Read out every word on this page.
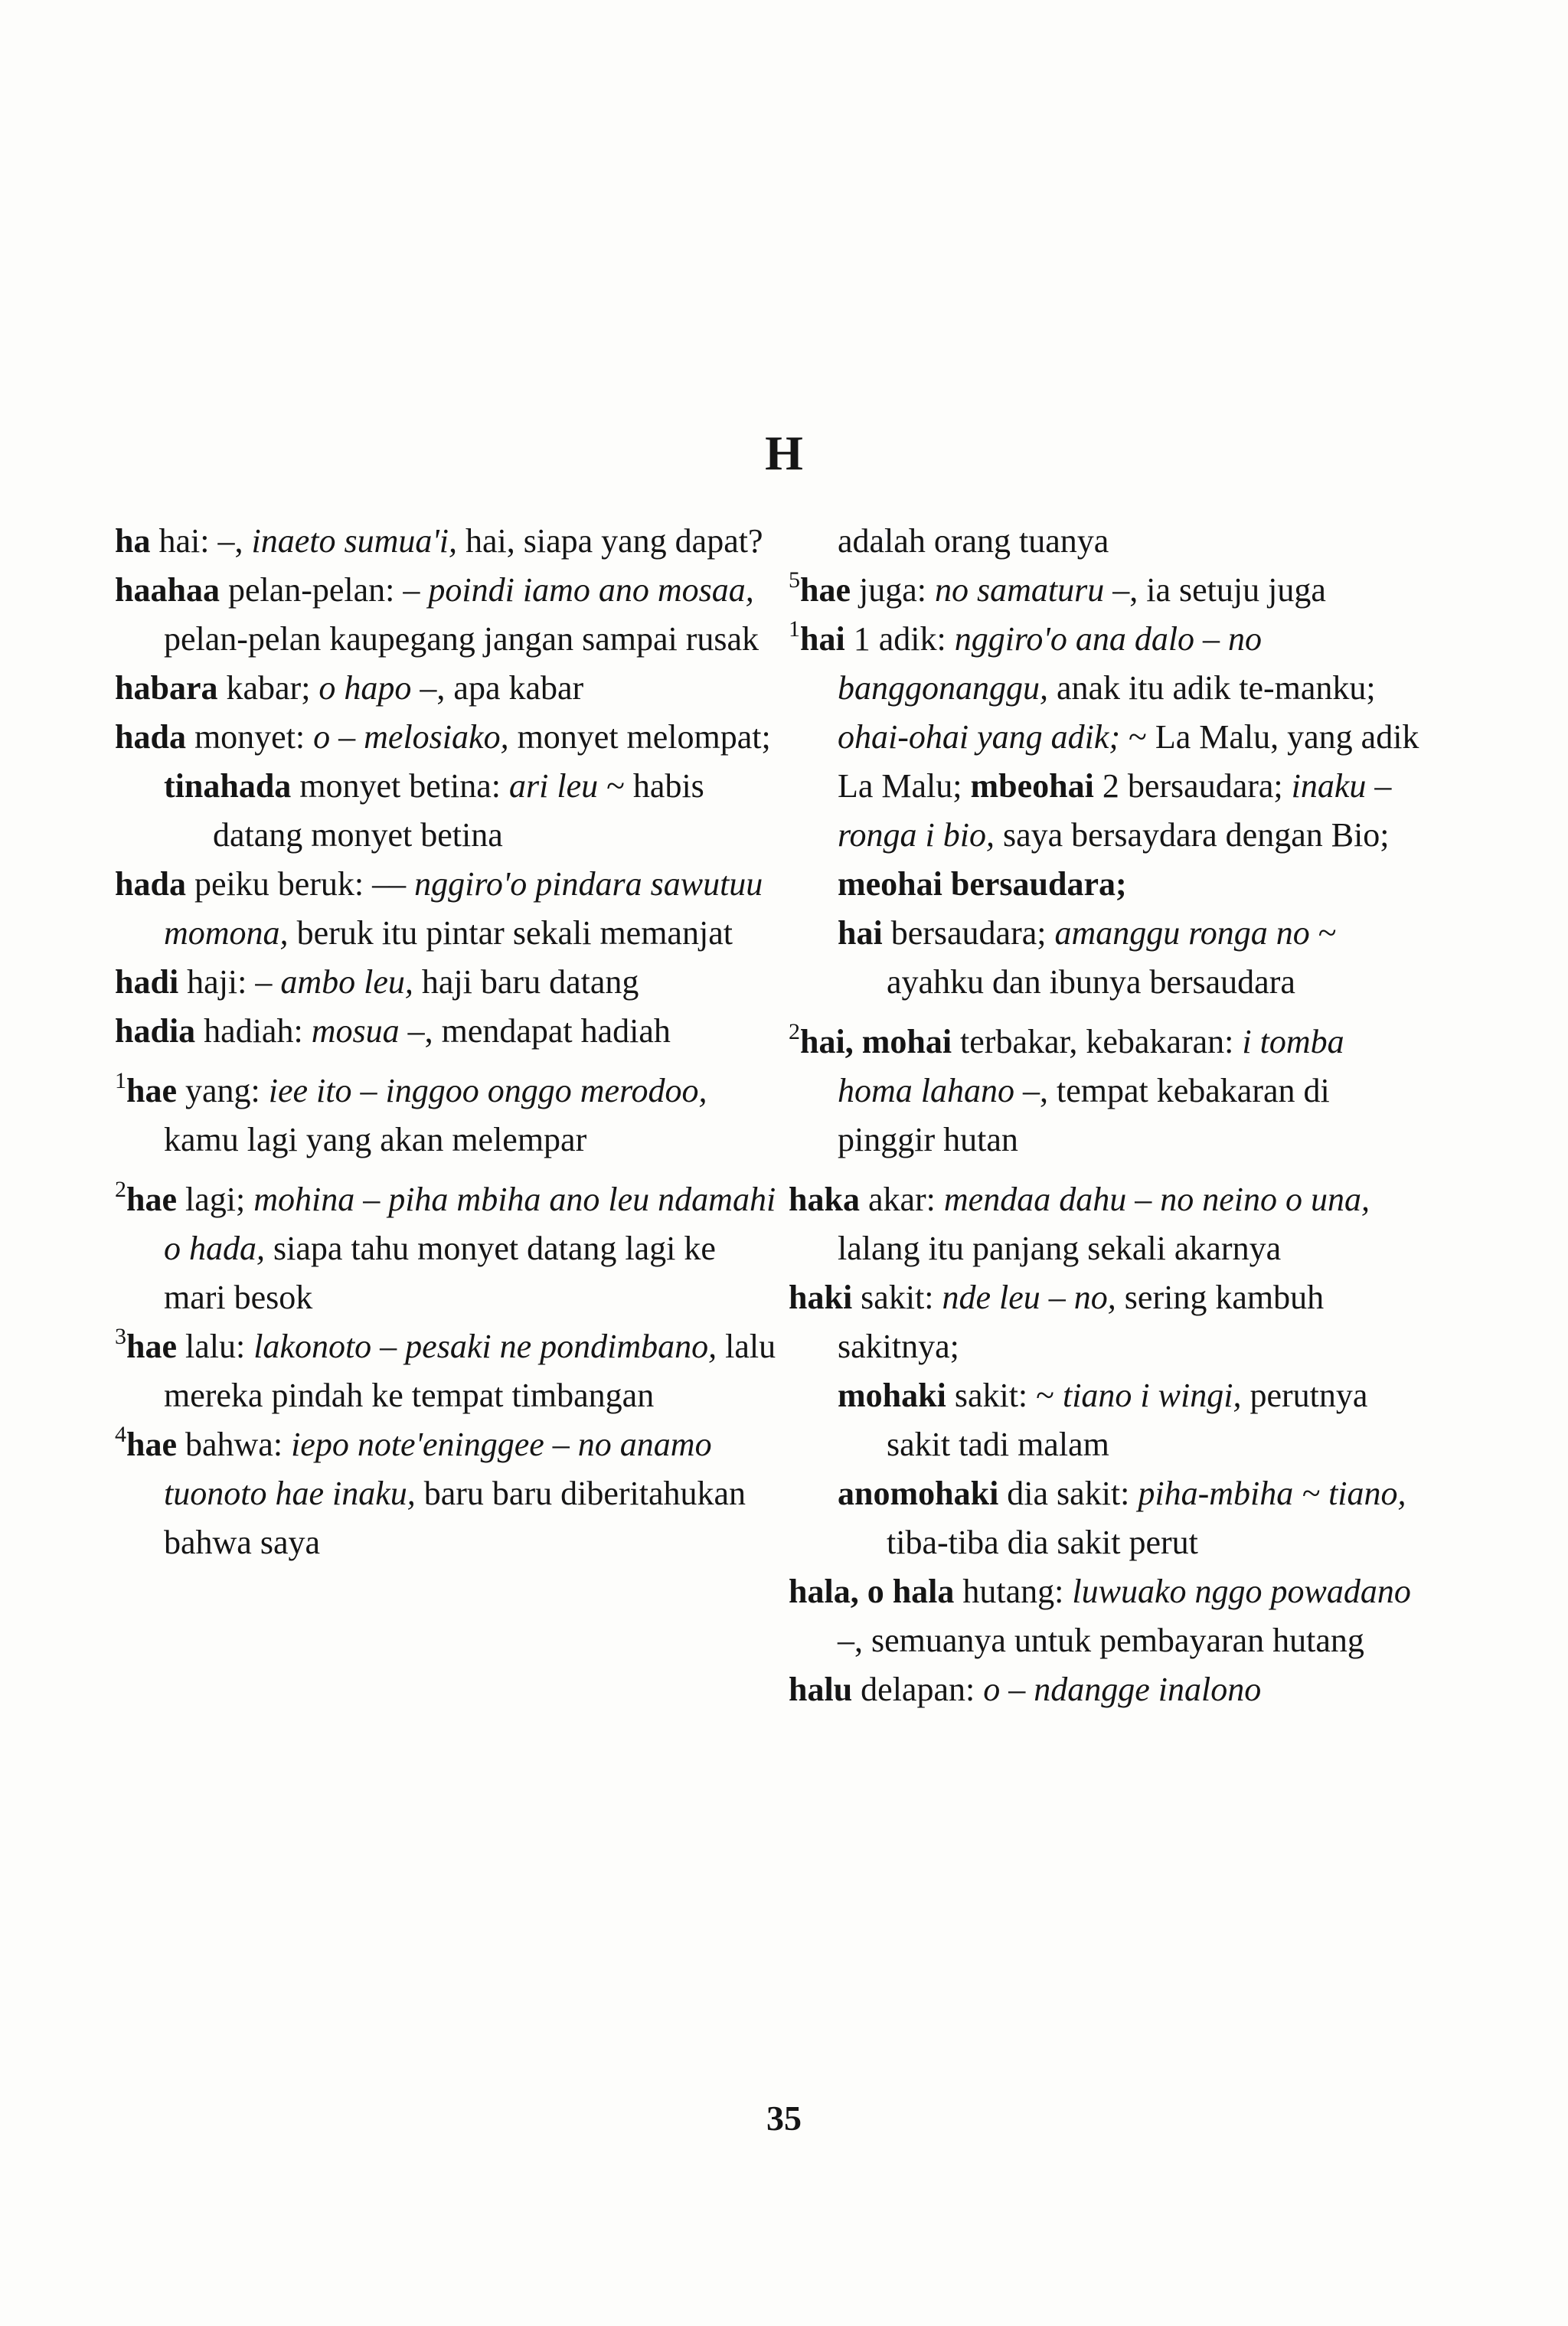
H
ha hai: –, inaeto sumua'i, hai, siapa yang dapat?
haahaa pelan-pelan: – poindi iamo ano mosaa, pelan-pelan kaupegang jangan sampai rusak
habara kabar; o hapo –, apa kabar
hada monyet: o – melosiako, monyet melompat;
tinahada monyet betina: ari leu ~ habis datang monyet betina
hada peiku beruk: –– nggiro'o pindara sawutuu momona, beruk itu pintar sekali memanjat
hadi haji: – ambo leu, haji baru datang
hadia hadiah: mosua –, mendapat hadiah
$^1$hae yang: iee ito – inggoo onggo merodoo, kamu lagi yang akan melempar
$^2$hae lagi; mohina – piha mbiha ano leu ndamahi o hada, siapa tahu monyet datang lagi ke mari besok
$^3$hae lalu: lakonoto – pesaki ne pondimbano, lalu mereka pindah ke tempat timbangan
$^4$hae bahwa: iepo note'eninggee – no anamo tuonoto hae inaku, baru baru diberitahukan bahwa saya
adalah orang tuanya
$^5$hae juga: no samaturu –, ia setuju juga
$^1$hai 1 adik: nggiro'o ana dalo – no banggonanggu, anak itu adik te-manku; ohai-ohai yang adik; ~ La Malu, yang adik La Malu; mbeohai 2 bersaudara; inaku – ronga i bio, saya bersaydara dengan Bio; meohai bersaudara;
hai bersaudara; amanggu ronga no ~ ayahku dan ibunya bersaudara
$^2$hai, mohai terbakar, kebakaran: i tomba homa lahano –, tempat kebakaran di pinggir hutan
haka akar: mendaa dahu – no neino o una, lalang itu panjang sekali akarnya
haki sakit: nde leu – no, sering kambuh sakitnya;
mohaki sakit: ~ tiano i wingi, perutnya sakit tadi malam
anomohaki dia sakit: piha-mbiha ~ tiano, tiba-tiba dia sakit perut
hala, o hala hutang: luwuako nggo powadano –, semuanya untuk pembayaran hutang
halu delapan: o – ndangge inalono
35
